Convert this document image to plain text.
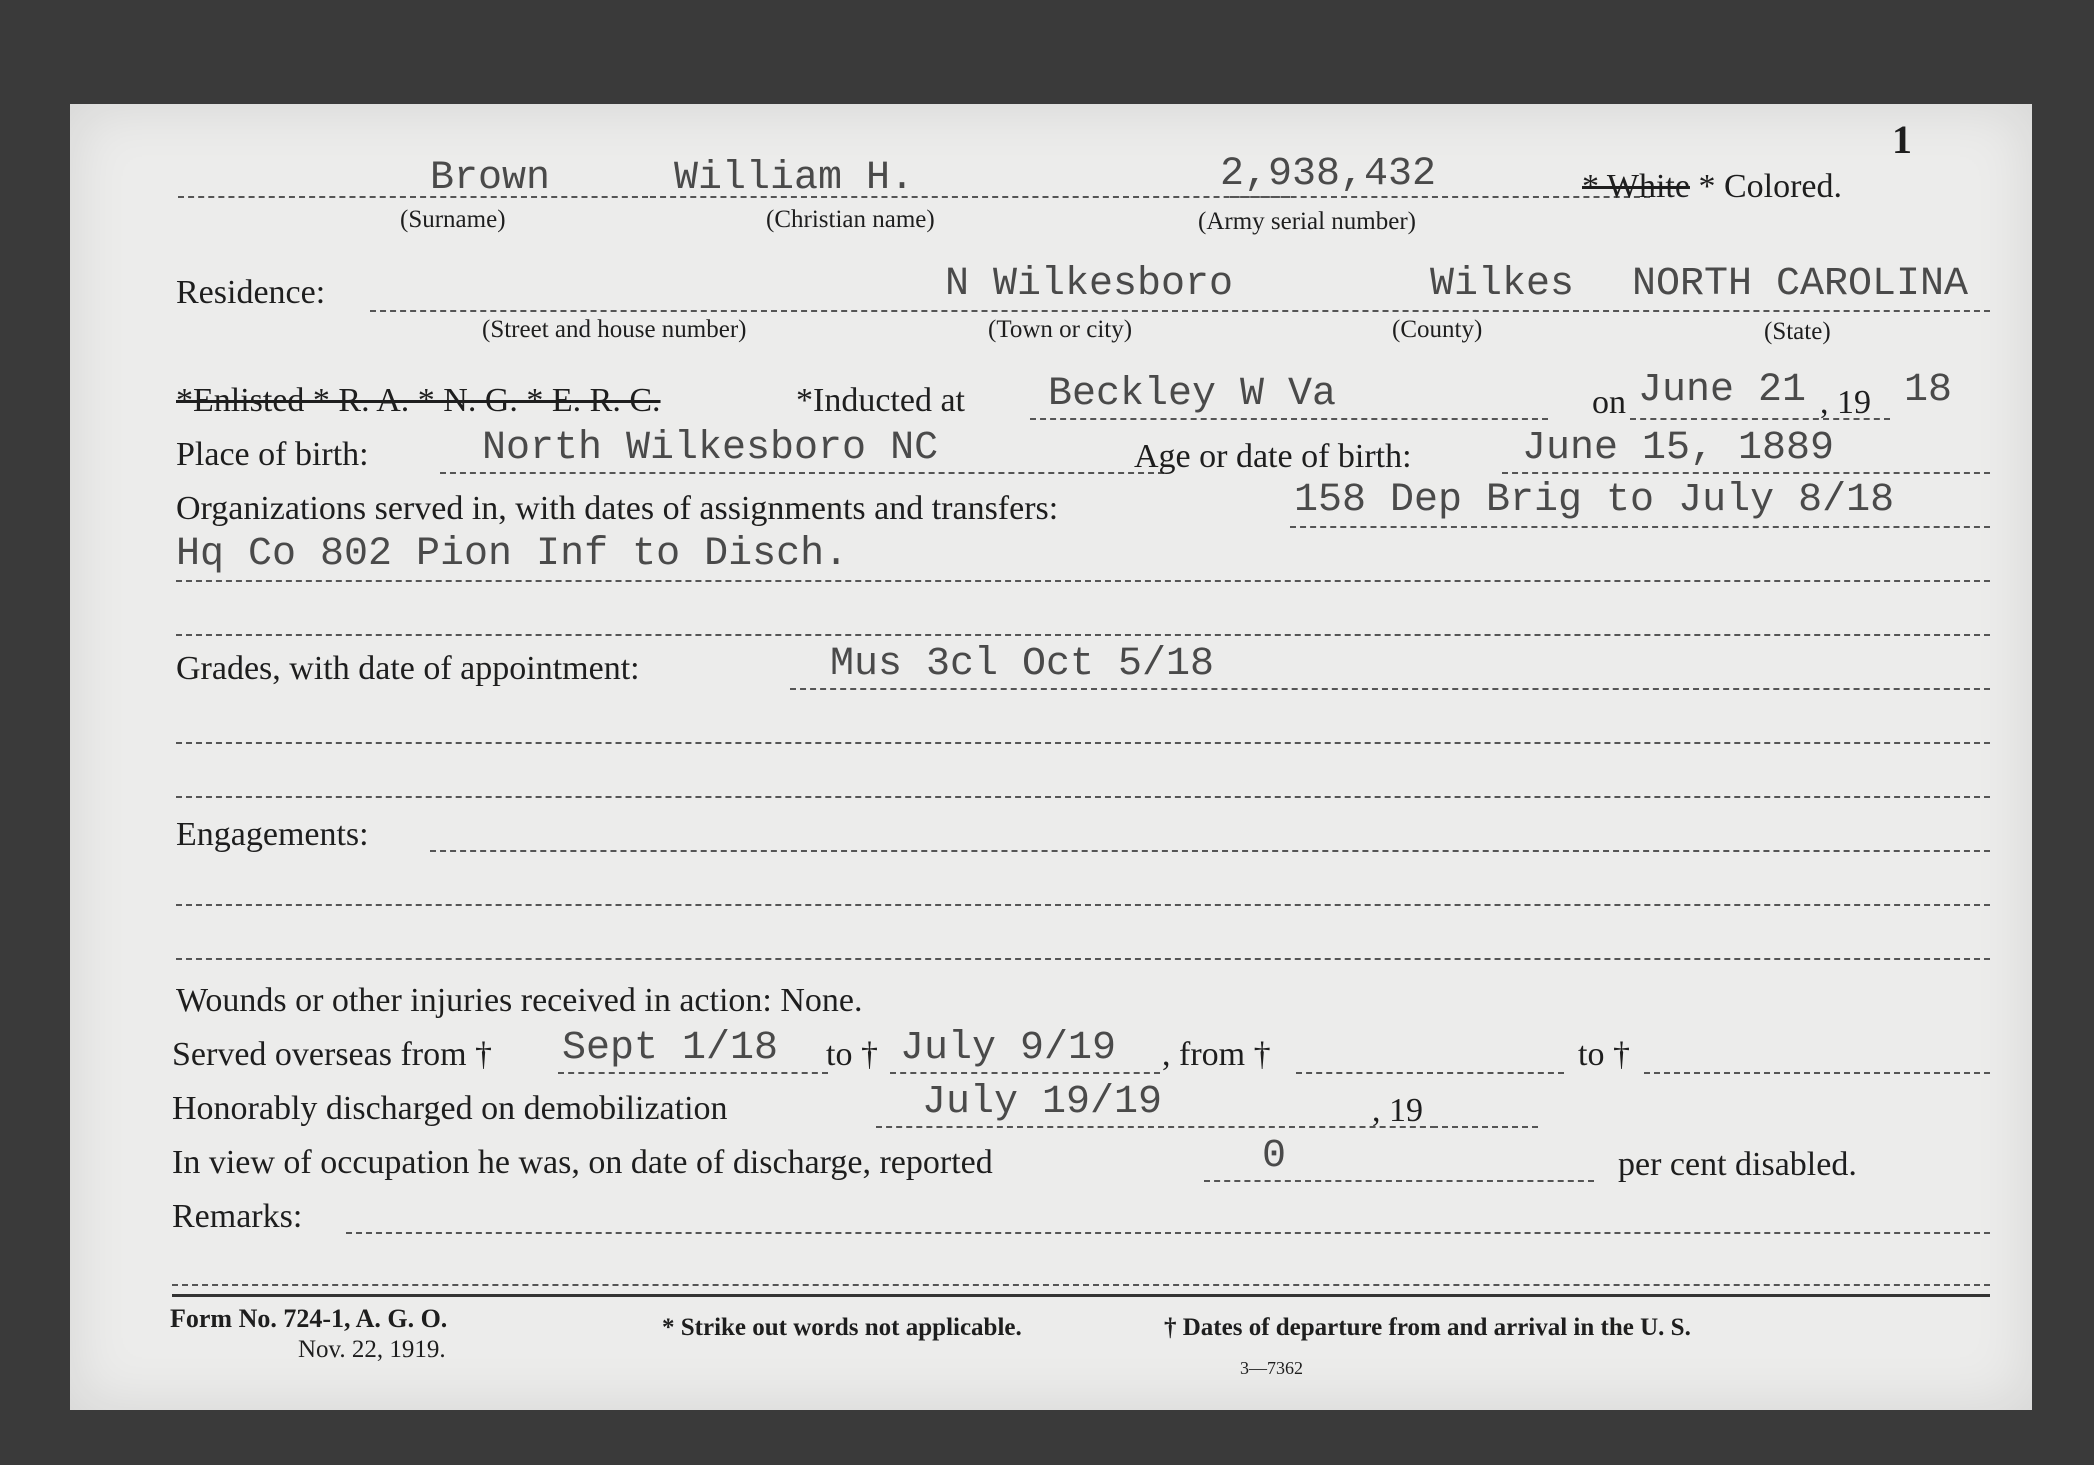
1
Brown	William H.	2,938,432	* White * Colored.
(Surname)	(Christian name)	(Army serial number)
Residence:	N Wilkesboro	Wilkes NORTH CAROLINA
(Street and house number)	(Town or city)	(County)	(State)
*Enlisted * R. A. * N. G. * E. R. C.	*Inducted at Beckley W Va	on June 21 , 19 18
Place of birth:	North Wilkesboro NC	Age or date of birth:	June 15, 1889
Organizations served in, with dates of assignments and transfers:	158 Dep Brig to July 8/18
Hq Co 802 Pion Inf to Disch.
Grades, with date of appointment:	Mus 3cl Oct 5/18
Engagements:
Wounds or other injuries received in action: None.
Served overseas from † Sept 1/18 to † July 9/19 , from †	to †
Honorably discharged on demobilization	July 19/19	, 19
In view of occupation he was, on date of discharge, reported	0	per cent disabled.
Remarks:
Form No. 724-1, A. G. O.
Nov. 22, 1919.
* Strike out words not applicable.	† Dates of departure from and arrival in the U. S.
3—7362
